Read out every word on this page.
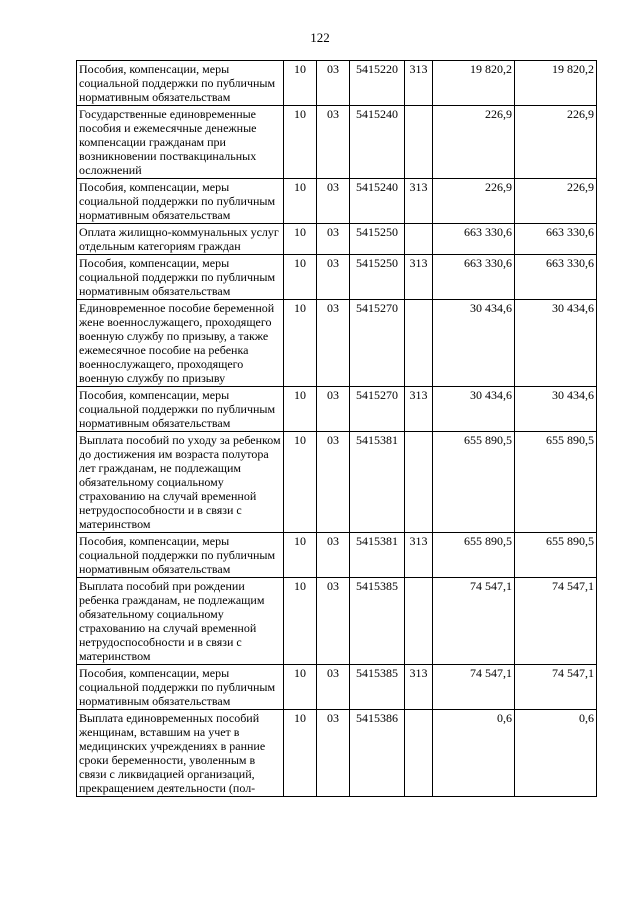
122
Пособия, компенсации, меры социальной поддержки по публичным нормативным обязательствам	10	03	5415220	313	19 820,2	19 820,2
Государственные единовременные пособия и ежемесячные денежные компенсации гражданам при возникновении поствакцинальных осложнений	10	03	5415240		226,9	226,9
Пособия, компенсации, меры социальной поддержки по публичным нормативным обязательствам	10	03	5415240	313	226,9	226,9
Оплата жилищно-коммунальных услуг отдельным категориям граждан	10	03	5415250		663 330,6	663 330,6
Пособия, компенсации, меры социальной поддержки по публичным нормативным обязательствам	10	03	5415250	313	663 330,6	663 330,6
Единовременное пособие беременной жене военнослужащего, проходящего военную службу по призыву, а также ежемесячное пособие на ребенка военнослужащего, проходящего военную службу по призыву	10	03	5415270		30 434,6	30 434,6
Пособия, компенсации, меры социальной поддержки по публичным нормативным обязательствам	10	03	5415270	313	30 434,6	30 434,6
Выплата пособий по уходу за ребенком до достижения им возраста полутора лет гражданам, не подлежащим обязательному социальному страхованию на случай временной нетрудоспособности и в связи с материнством	10	03	5415381		655 890,5	655 890,5
Пособия, компенсации, меры социальной поддержки по публичным нормативным обязательствам	10	03	5415381	313	655 890,5	655 890,5
Выплата пособий при рождении ребенка гражданам, не подлежащим обязательному социальному страхованию на случай временной нетрудоспособности и в связи с материнством	10	03	5415385		74 547,1	74 547,1
Пособия, компенсации, меры социальной поддержки по публичным нормативным обязательствам	10	03	5415385	313	74 547,1	74 547,1
Выплата единовременных пособий женщинам, вставшим на учет в медицинских учреждениях в ранние сроки беременности, уволенным в связи с ликвидацией организаций, прекращением деятельности (пол-	10	03	5415386		0,6	0,6
